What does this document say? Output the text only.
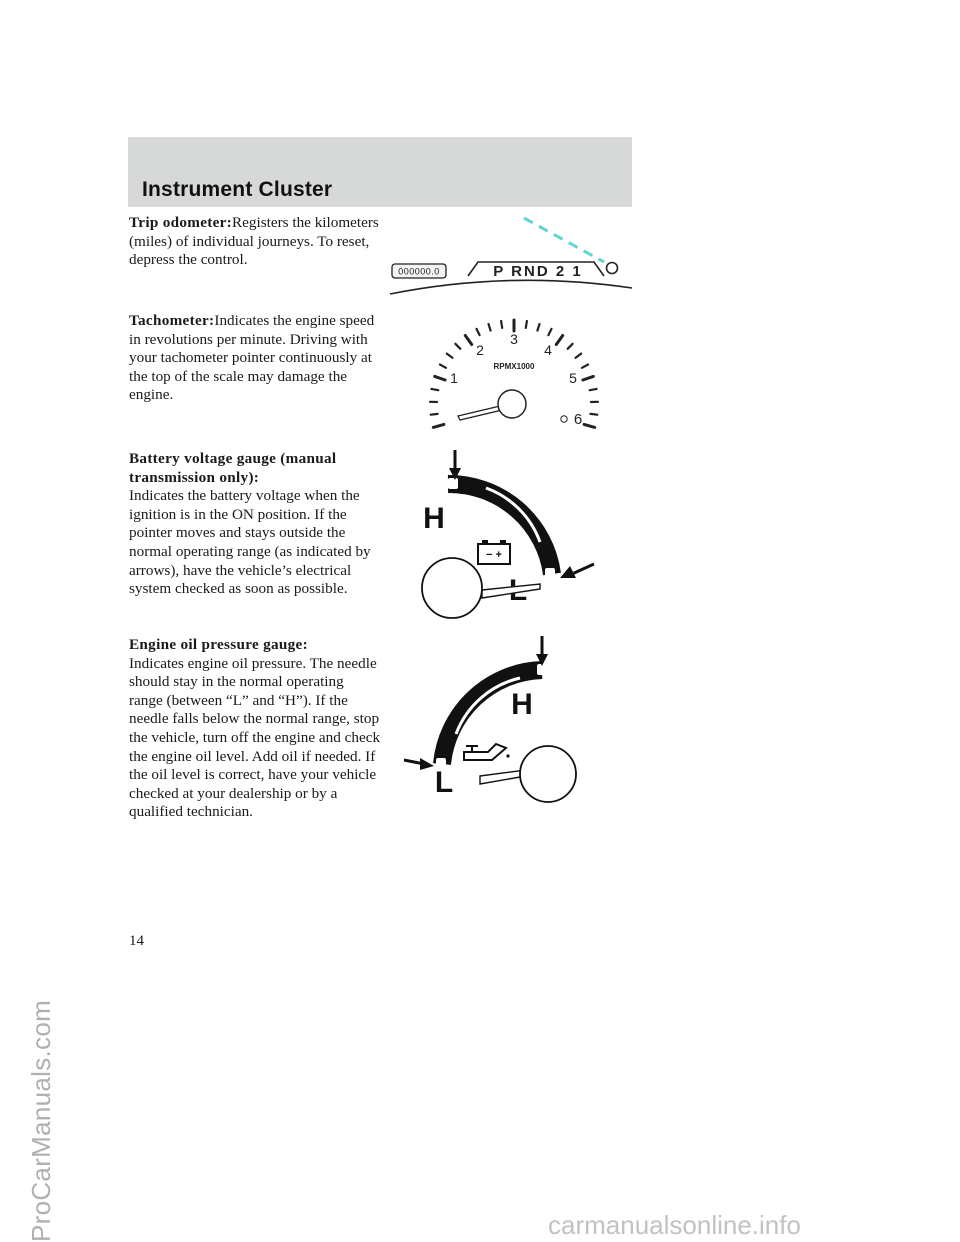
Instrument Cluster
Trip odometer:Registers the kilometers (miles) of individual journeys. To reset, depress the control.
Tachometer:Indicates the engine speed in revolutions per minute. Driving with your tachometer pointer continuously at the top of the scale may damage the engine.
Battery voltage gauge (manual transmission only):
Indicates the battery voltage when the ignition is in the ON position. If the pointer moves and stays outside the normal operating range (as indicated by arrows), have the vehicle’s electrical system checked as soon as possible.
Engine oil pressure gauge:
Indicates engine oil pressure. The needle should stay in the normal operating range (between “L” and “H”). If the needle falls below the normal range, stop the vehicle, turn off the engine and check the engine oil level. Add oil if needed. If the oil level is correct, have your vehicle checked at your dealership or by a qualified technician.
000000.0	P RND 2 1
1
2
3
4
5
6
RPMX1000
H
− +
H
L
14
ProCarManuals.com	carmanualsonline.info
